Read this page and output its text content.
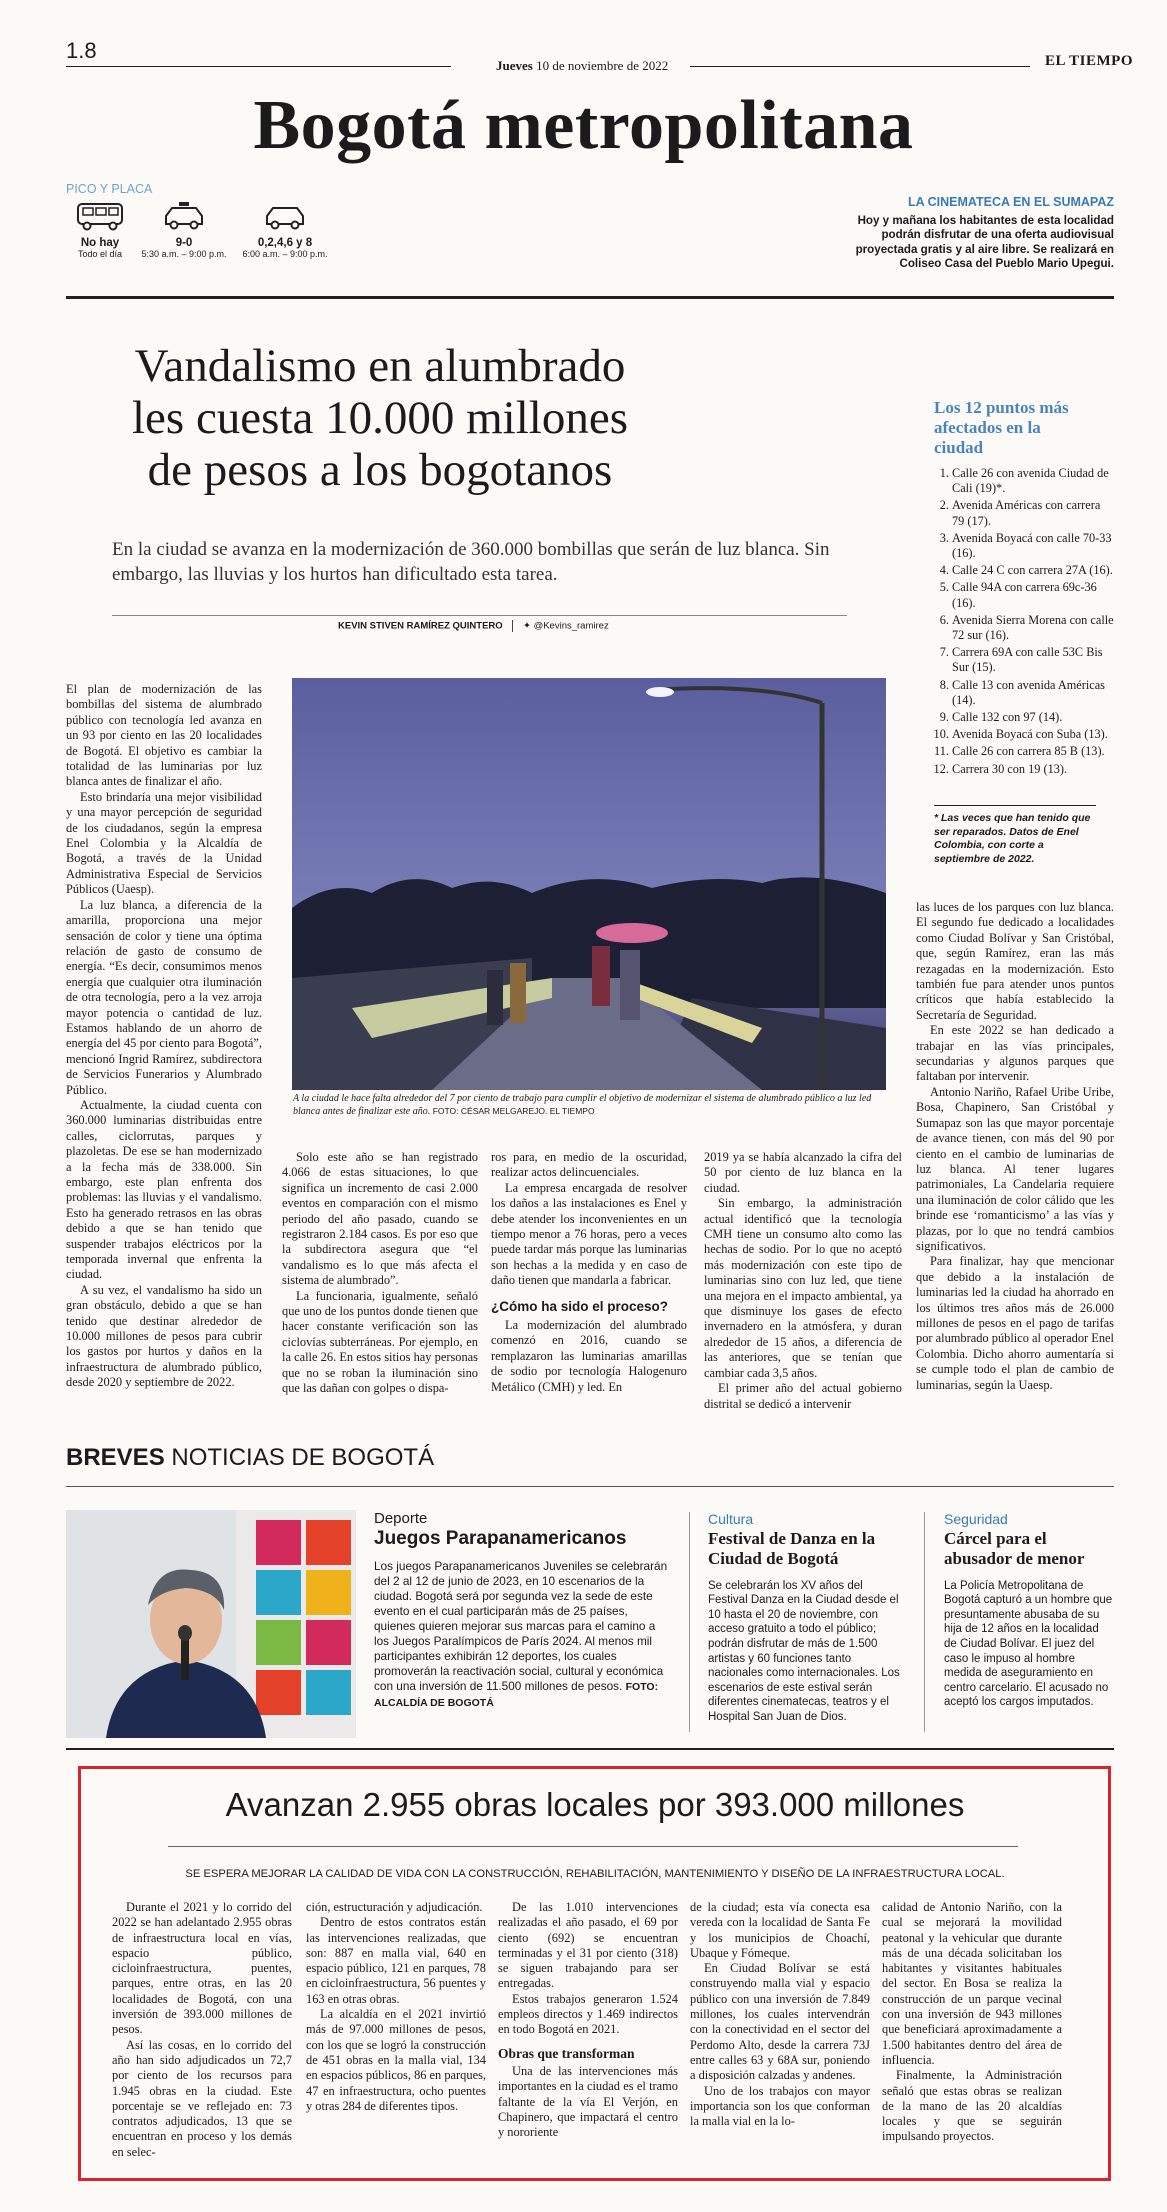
1.8
Jueves 10 de noviembre de 2022	EL TIEMPO
Bogotá metropolitana
PICO Y PLACA
No hay
Todo el día
9-0
5:30 a.m. – 9:00 p.m.
0,2,4,6 y 8
6:00 a.m. – 9:00 p.m.
LA CINEMATECA EN EL SUMAPAZ
Hoy y mañana los habitantes de esta localidad podrán disfrutar de una oferta audiovisual proyectada gratis y al aire libre. Se realizará en Coliseo Casa del Pueblo Mario Upegui.
Vandalismo en alumbrado
les cuesta 10.000 millones
de pesos a los bogotanos
En la ciudad se avanza en la modernización de 360.000 bombillas que serán de luz blanca. Sin embargo, las lluvias y los hurtos han dificultado esta tarea.
KEVIN STIVEN RAMÍREZ QUINTERO ✦ @Kevins_ramirez
Los 12 puntos más afectados en la ciudad
1. Calle 26 con avenida Ciudad de Cali (19)*.
2. Avenida Américas con carrera 79 (17).
3. Avenida Boyacá con calle 70-33 (16).
4. Calle 24 C con carrera 27A (16).
5. Calle 94A con carrera 69c-36 (16).
6. Avenida Sierra Morena con calle 72 sur (16).
7. Carrera 69A con calle 53C Bis Sur (15).
8. Calle 13 con avenida Américas (14).
9. Calle 132 con 97 (14).
10. Avenida Boyacá con Suba (13).
11. Calle 26 con carrera 85 B (13).
12. Carrera 30 con 19 (13).
* Las veces que han tenido que ser reparados. Datos de Enel Colombia, con corte a septiembre de 2022.
A la ciudad le hace falta alrededor del 7 por ciento de trabajo para cumplir el objetivo de modernizar el sistema de alumbrado público a luz led blanca antes de finalizar este año. FOTO: CÉSAR MELGAREJO. EL TIEMPO

El plan de modernización de las bombillas del sistema de alumbrado público con tecnología led avanza en un 93 por ciento en las 20 localidades de Bogotá. El objetivo es cambiar la totalidad de las luminarias por luz blanca antes de finalizar el año.

Esto brindaría una mejor visibilidad y una mayor percepción de seguridad de los ciudadanos, según la empresa Enel Colombia y la Alcaldía de Bogotá, a través de la Unidad Administrativa Especial de Servicios Públicos (Uaesp).

La luz blanca, a diferencia de la amarilla, proporciona una mejor sensación de color y tiene una óptima relación de gasto de consumo de energía. “Es decir, consumimos menos energía que cualquier otra iluminación de otra tecnología, pero a la vez arroja mayor potencia o cantidad de luz. Estamos hablando de un ahorro de energía del 45 por ciento para Bogotá”, mencionó Ingrid Ramírez, subdirectora de Servicios Funerarios y Alumbrado Público.

Actualmente, la ciudad cuenta con 360.000 luminarias distribuidas entre calles, ciclorrutas, parques y plazoletas. De ese se han modernizado a la fecha más de 338.000. Sin embargo, este plan enfrenta dos problemas: las lluvias y el vandalismo. Esto ha generado retrasos en las obras debido a que se han tenido que suspender trabajos eléctricos por la temporada invernal que enfrenta la ciudad.

A su vez, el vandalismo ha sido un gran obstáculo, debido a que se han tenido que destinar alrededor de 10.000 millones de pesos para cubrir los gastos por hurtos y daños en la infraestructura de alumbrado público, desde 2020 y septiembre de 2022.

Solo este año se han registrado 4.066 de estas situaciones, lo que significa un incremento de casi 2.000 eventos en comparación con el mismo periodo del año pasado, cuando se registraron 2.184 casos. Es por eso que la subdirectora asegura que “el vandalismo es lo que más afecta el sistema de alumbrado”.

La funcionaria, igualmente, señaló que uno de los puntos donde tienen que hacer constante verificación son las ciclovías subterráneas. Por ejemplo, en la calle 26. En estos sitios hay personas que no se roban la iluminación sino que las dañan con golpes o dispa-

ros para, en medio de la oscuridad, realizar actos delincuenciales.

La empresa encargada de resolver los daños a las instalaciones es Enel y debe atender los inconvenientes en un tiempo menor a 76 horas, pero a veces puede tardar más porque las luminarias son hechas a la medida y en caso de daño tienen que mandarla a fabricar.

¿Cómo ha sido el proceso?

La modernización del alumbrado comenzó en 2016, cuando se remplazaron las luminarias amarillas de sodio por tecnología Halogenuro Metálico (CMH) y led. En

2019 ya se había alcanzado la cifra del 50 por ciento de luz blanca en la ciudad.

Sin embargo, la administración actual identificó que la tecnología CMH tiene un consumo alto como las hechas de sodio. Por lo que no aceptó más modernización con este tipo de luminarias sino con luz led, que tiene una mejora en el impacto ambiental, ya que disminuye los gases de efecto invernadero en la atmósfera, y duran alrededor de 15 años, a diferencia de las anteriores, que se tenían que cambiar cada 3,5 años.

El primer año del actual gobierno distrital se dedicó a intervenir

las luces de los parques con luz blanca. El segundo fue dedicado a localidades como Ciudad Bolívar y San Cristóbal, que, según Ramírez, eran las más rezagadas en la modernización. Esto también fue para atender unos puntos críticos que había establecido la Secretaría de Seguridad.

En este 2022 se han dedicado a trabajar en las vías principales, secundarias y algunos parques que faltaban por intervenir.

Antonio Nariño, Rafael Uribe Uribe, Bosa, Chapinero, San Cristóbal y Sumapaz son las que mayor porcentaje de avance tienen, con más del 90 por ciento en el cambio de luminarias de luz blanca. Al tener lugares patrimoniales, La Candelaria requiere una iluminación de color cálido que les brinde ese ‘romanticismo’ a las vías y plazas, por lo que no tendrá cambios significativos.

Para finalizar, hay que mencionar que debido a la instalación de luminarias led la ciudad ha ahorrado en los últimos tres años más de 26.000 millones de pesos en el pago de tarifas por alumbrado público al operador Enel Colombia. Dicho ahorro aumentaría si se cumple todo el plan de cambio de luminarias, según la Uaesp.

BREVES NOTICIAS DE BOGOTÁ
Deporte
Juegos Parapanamericanos
Los juegos Parapanamericanos Juveniles se celebrarán del 2 al 12 de junio de 2023, en 10 escenarios de la ciudad. Bogotá será por segunda vez la sede de este evento en el cual participarán más de 25 países, quienes quieren mejorar sus marcas para el camino a los Juegos Paralímpicos de París 2024. Al menos mil participantes exhibirán 12 deportes, los cuales promoverán la reactivación social, cultural y económica con una inversión de 11.500 millones de pesos. FOTO: ALCALDÍA DE BOGOTÁ
Cultura
Festival de Danza en la Ciudad de Bogotá
Se celebrarán los XV años del Festival Danza en la Ciudad desde el 10 hasta el 20 de noviembre, con acceso gratuito a todo el público; podrán disfrutar de más de 1.500 artistas y 60 funciones tanto nacionales como internacionales. Los escenarios de este estival serán diferentes cinematecas, teatros y el Hospital San Juan de Dios.
Seguridad
Cárcel para el abusador de menor
La Policía Metropolitana de Bogotá capturó a un hombre que presuntamente abusaba de su hija de 12 años en la localidad de Ciudad Bolívar. El juez del caso le impuso al hombre medida de aseguramiento en centro carcelario. El acusado no aceptó los cargos imputados.
Avanzan 2.955 obras locales por 393.000 millones
SE ESPERA MEJORAR LA CALIDAD DE VIDA CON LA CONSTRUCCIÓN, REHABILITACIÓN, MANTENIMIENTO Y DISEÑO DE LA INFRAESTRUCTURA LOCAL.

Durante el 2021 y lo corrido del 2022 se han adelantado 2.955 obras de infraestructura local en vías, espacio público, cicloinfraestructura, puentes, parques, entre otras, en las 20 localidades de Bogotá, con una inversión de 393.000 millones de pesos.

Así las cosas, en lo corrido del año han sido adjudicados un 72,7 por ciento de los recursos para 1.945 obras en la ciudad. Este porcentaje se ve reflejado en: 73 contratos adjudicados, 13 que se encuentran en proceso y los demás en selec-

ción, estructuración y adjudicación.

Dentro de estos contratos están las intervenciones realizadas, que son: 887 en malla vial, 640 en espacio público, 121 en parques, 78 en cicloinfraestructura, 56 puentes y 163 en otras obras.

La alcaldía en el 2021 invirtió más de 97.000 millones de pesos, con los que se logró la construcción de 451 obras en la malla vial, 134 en espacios públicos, 86 en parques, 47 en infraestructura, ocho puentes y otras 284 de diferentes tipos.

De las 1.010 intervenciones realizadas el año pasado, el 69 por ciento (692) se encuentran terminadas y el 31 por ciento (318) se siguen trabajando para ser entregadas.

Estos trabajos generaron 1.524 empleos directos y 1.469 indirectos en todo Bogotá en 2021.

Obras que transforman

Una de las intervenciones más importantes en la ciudad es el tramo faltante de la vía El Verjón, en Chapinero, que impactará el centro y nororiente

de la ciudad; esta vía conecta esa vereda con la localidad de Santa Fe y los municipios de Choachí, Ubaque y Fómeque.

En Ciudad Bolívar se está construyendo malla vial y espacio público con una inversión de 7.849 millones, los cuales intervendrán con la conectividad en el sector del Perdomo Alto, desde la carrera 73J entre calles 63 y 68A sur, poniendo a disposición calzadas y andenes.

Uno de los trabajos con mayor importancia son los que conforman la malla vial en la lo-

calidad de Antonio Nariño, con la cual se mejorará la movilidad peatonal y la vehicular que durante más de una década solicitaban los habitantes y visitantes habituales del sector. En Bosa se realiza la construcción de un parque vecinal con una inversión de 943 millones que beneficiará aproximadamente a 1.500 habitantes dentro del área de influencia.

Finalmente, la Administración señaló que estas obras se realizan de la mano de las 20 alcaldías locales y que se seguirán impulsando proyectos.
